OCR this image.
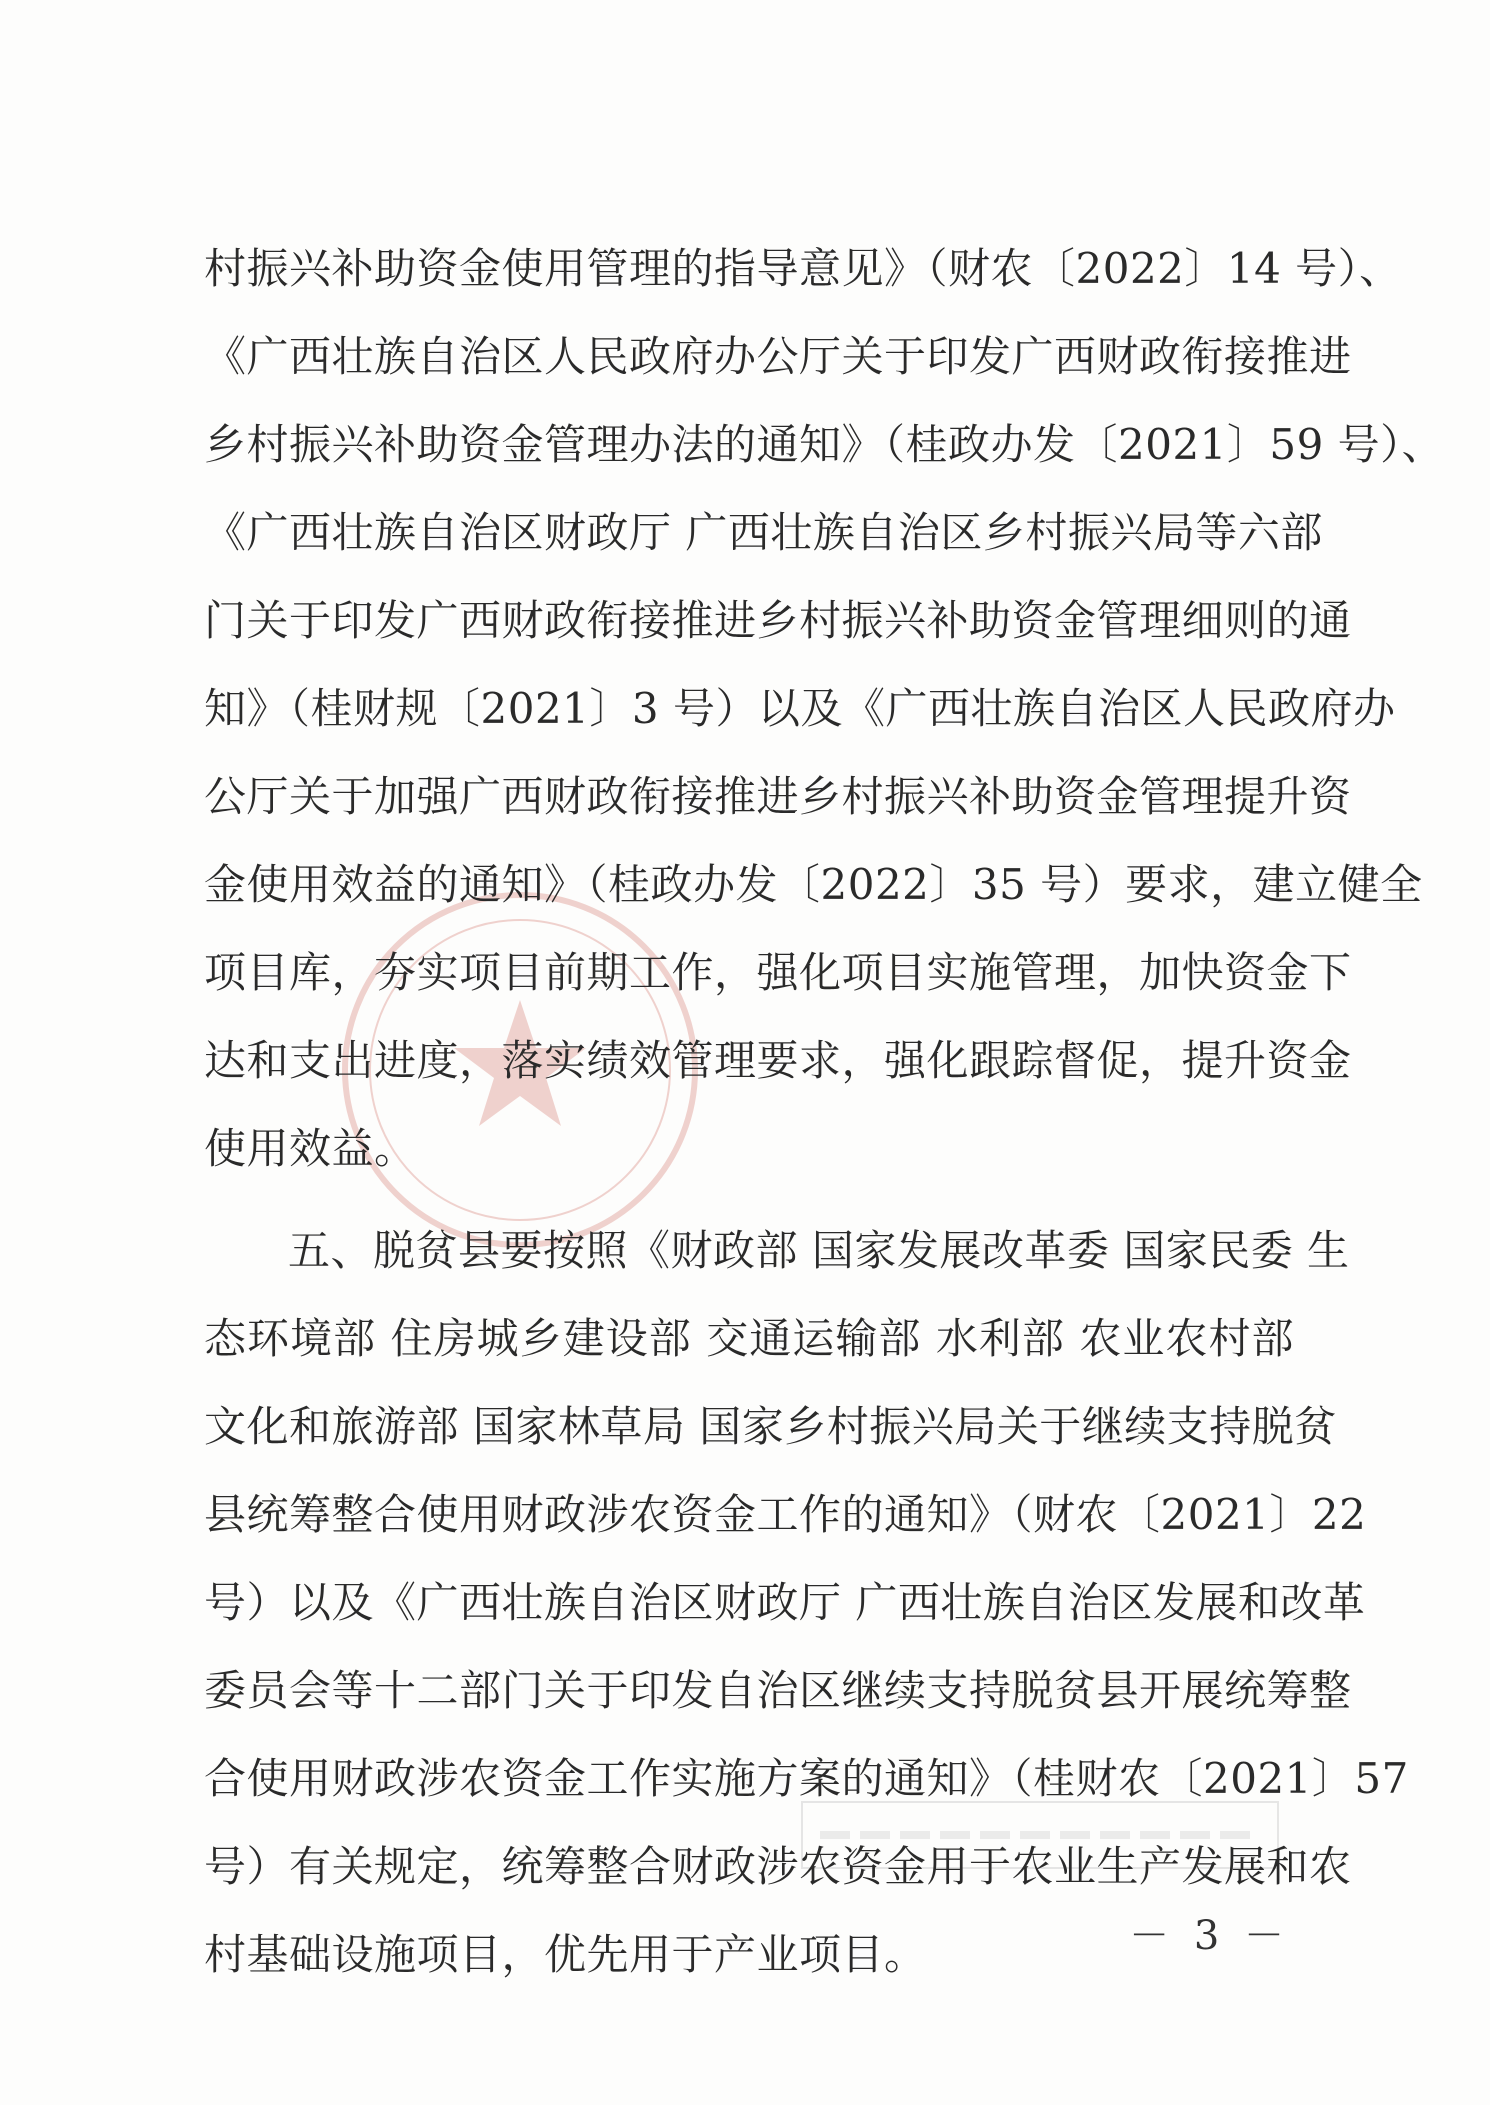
村振兴补助资金使用管理的指导意见》（财农〔2022〕14 号）、
《广西壮族自治区人民政府办公厅关于印发广西财政衔接推进
乡村振兴补助资金管理办法的通知》（桂政办发〔2021〕59 号）、
《广西壮族自治区财政厅 广西壮族自治区乡村振兴局等六部
门关于印发广西财政衔接推进乡村振兴补助资金管理细则的通
知》（桂财规〔2021〕3 号）以及《广西壮族自治区人民政府办
公厅关于加强广西财政衔接推进乡村振兴补助资金管理提升资
金使用效益的通知》（桂政办发〔2022〕35 号）要求，建立健全
项目库，夯实项目前期工作，强化项目实施管理，加快资金下
达和支出进度，落实绩效管理要求，强化跟踪督促，提升资金
使用效益。
五、脱贫县要按照《财政部 国家发展改革委 国家民委 生
态环境部 住房城乡建设部 交通运输部 水利部 农业农村部
文化和旅游部 国家林草局 国家乡村振兴局关于继续支持脱贫
县统筹整合使用财政涉农资金工作的通知》（财农〔2021〕22
号）以及《广西壮族自治区财政厅 广西壮族自治区发展和改革
委员会等十二部门关于印发自治区继续支持脱贫县开展统筹整
合使用财政涉农资金工作实施方案的通知》（桂财农〔2021〕57
号）有关规定，统筹整合财政涉农资金用于农业生产发展和农
村基础设施项目，优先用于产业项目。	－ 3 －
